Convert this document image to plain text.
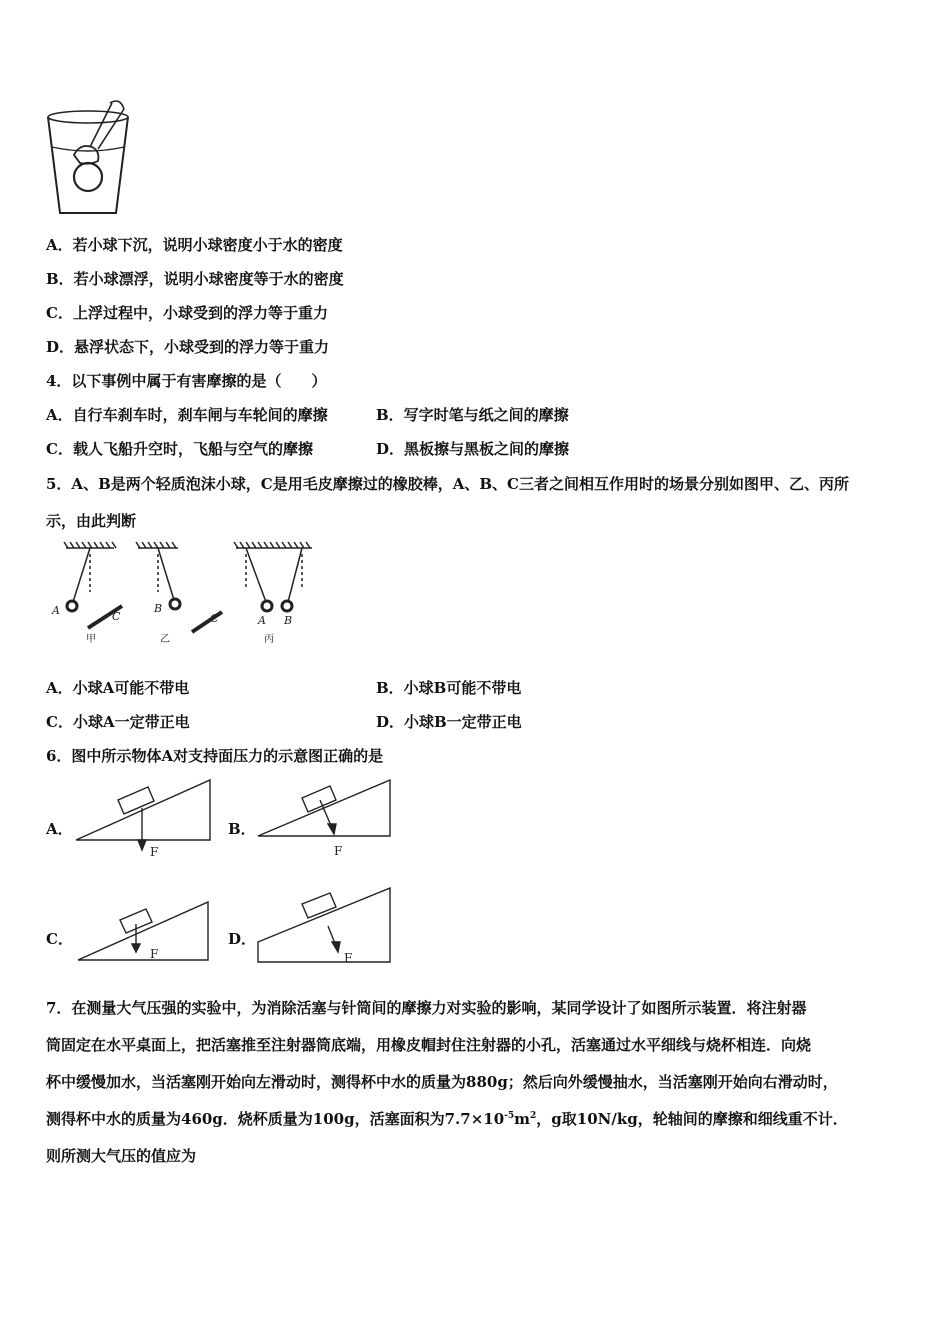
A．若小球下沉，说明小球密度小于水的密度
B．若小球漂浮，说明小球密度等于水的密度
C．上浮过程中，小球受到的浮力等于重力
D．悬浮状态下，小球受到的浮力等于重力
4．以下事例中属于有害摩擦的是（　　）
A．自行车刹车时，刹车闸与车轮间的摩擦	B．写字时笔与纸之间的摩擦
C．载人飞船升空时，飞船与空气的摩擦	D．黑板擦与黑板之间的摩擦
5．A、B是两个轻质泡沫小球，C是用毛皮摩擦过的橡胶棒，A、B、C三者之间相互作用时的场景分别如图甲、乙、丙所
示，由此判断
A	C
B
C	A B
甲	乙	丙
A．小球A可能不带电	B．小球B可能不带电
C．小球A一定带正电	D．小球B一定带正电
6．图中所示物体A对支持面压力的示意图正确的是
A．	B．
C．	D．
F	F
F	F
7．在测量大气压强的实验中，为消除活塞与针筒间的摩擦力对实验的影响，某同学设计了如图所示装置．将注射器
筒固定在水平桌面上，把活塞推至注射器筒底端，用橡皮帽封住注射器的小孔，活塞通过水平细线与烧杯相连．向烧
杯中缓慢加水，当活塞刚开始向左滑动时，测得杯中水的质量为880g；然后向外缓慢抽水，当活塞刚开始向右滑动时，
测得杯中水的质量为460g．烧杯质量为100g，活塞面积为$7.7\times 10^{-5}m^2$，g取10N/kg，轮轴间的摩擦和细线重不计．
则所测大气压的值应为
